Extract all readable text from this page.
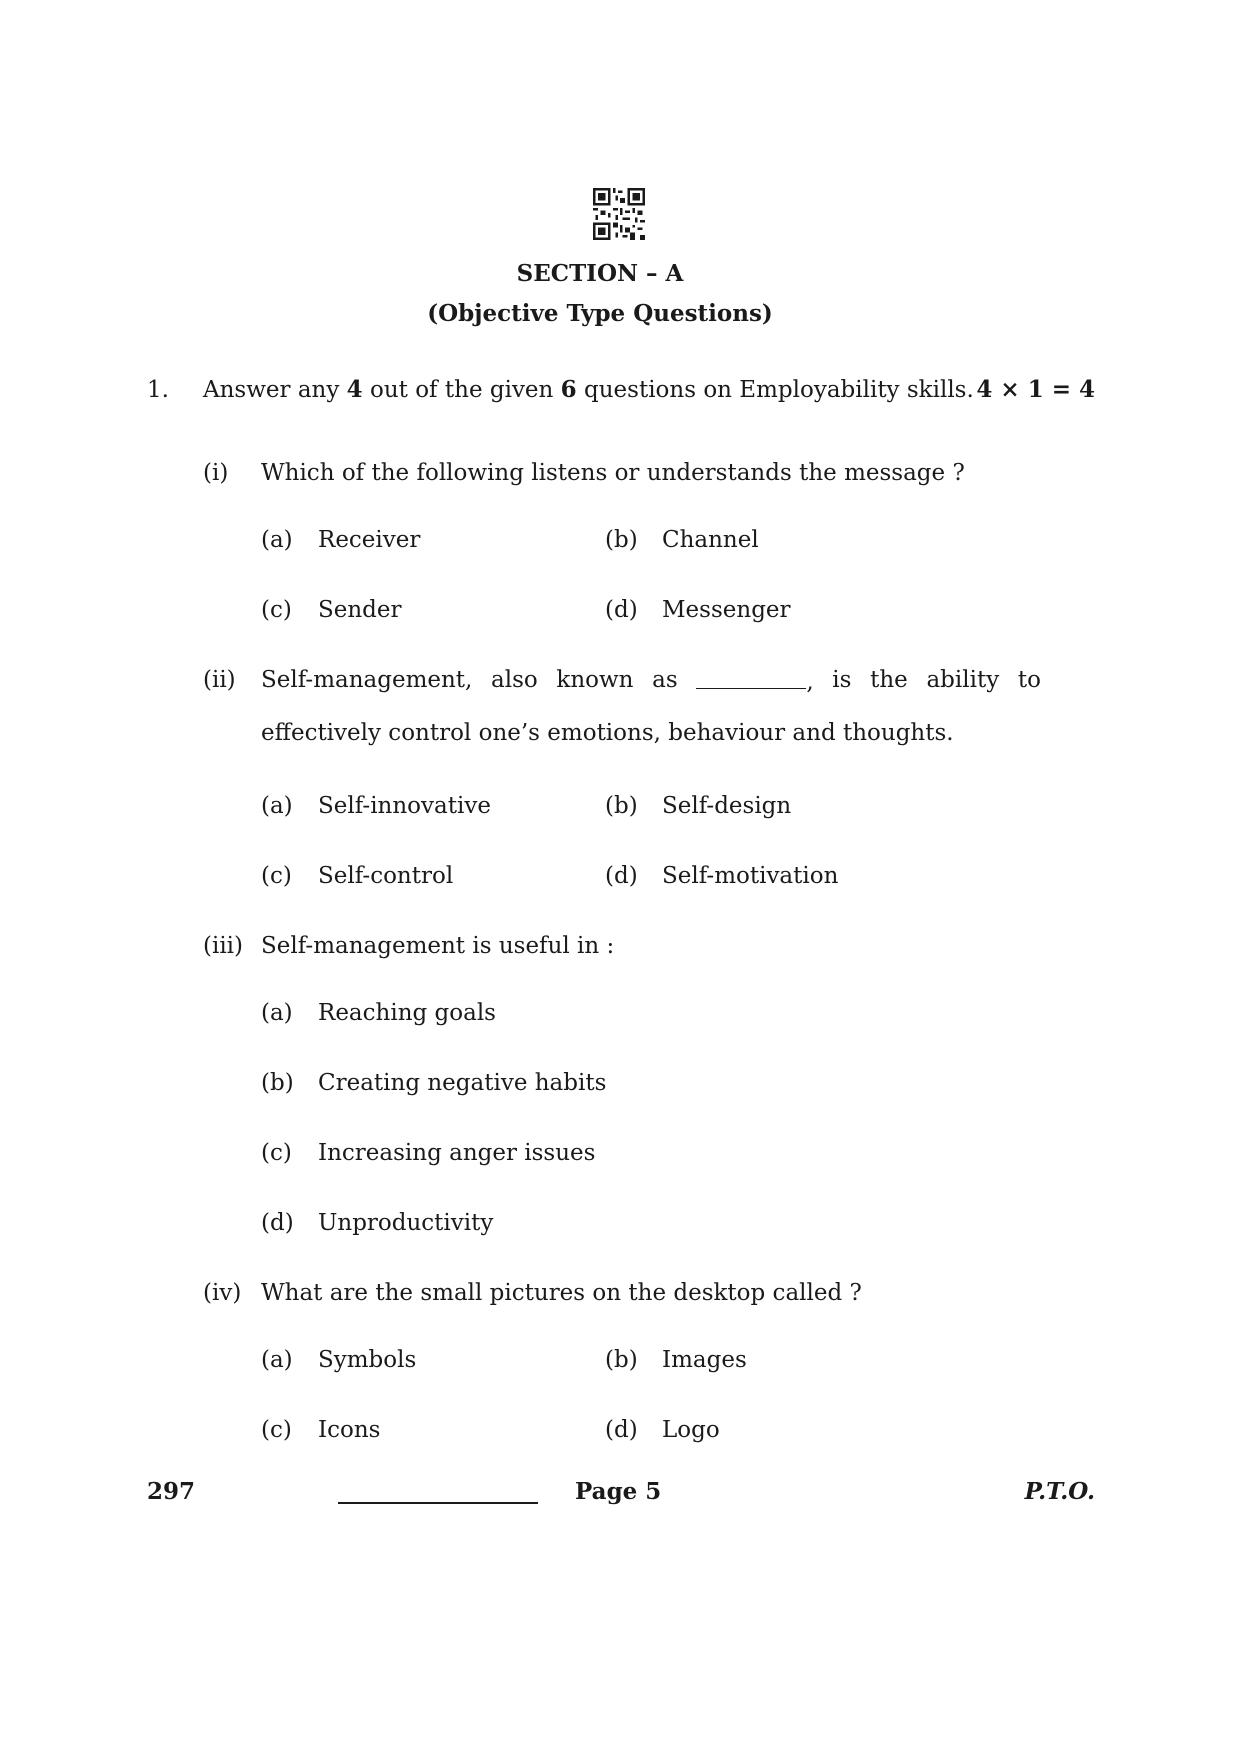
SECTION – A
(Objective Type Questions)
1. Answer any 4 out of the given 6 questions on Employability skills. 4 × 1 = 4
(i) Which of the following listens or understands the message ?
(a) Receiver	(b) Channel
(c) Sender	(d) Messenger
(ii) Self-management, also known as	, is the ability to
effectively control one’s emotions, behaviour and thoughts.
(a) Self-innovative	(b) Self-design
(c) Self-control	(d) Self-motivation
(iii) Self-management is useful in :
(a) Reaching goals
(b) Creating negative habits
(c) Increasing anger issues
(d) Unproductivity
(iv) What are the small pictures on the desktop called ?
(a) Symbols	(b) Images
(c) Icons	(d) Logo
297	Page 5	P.T.O.
